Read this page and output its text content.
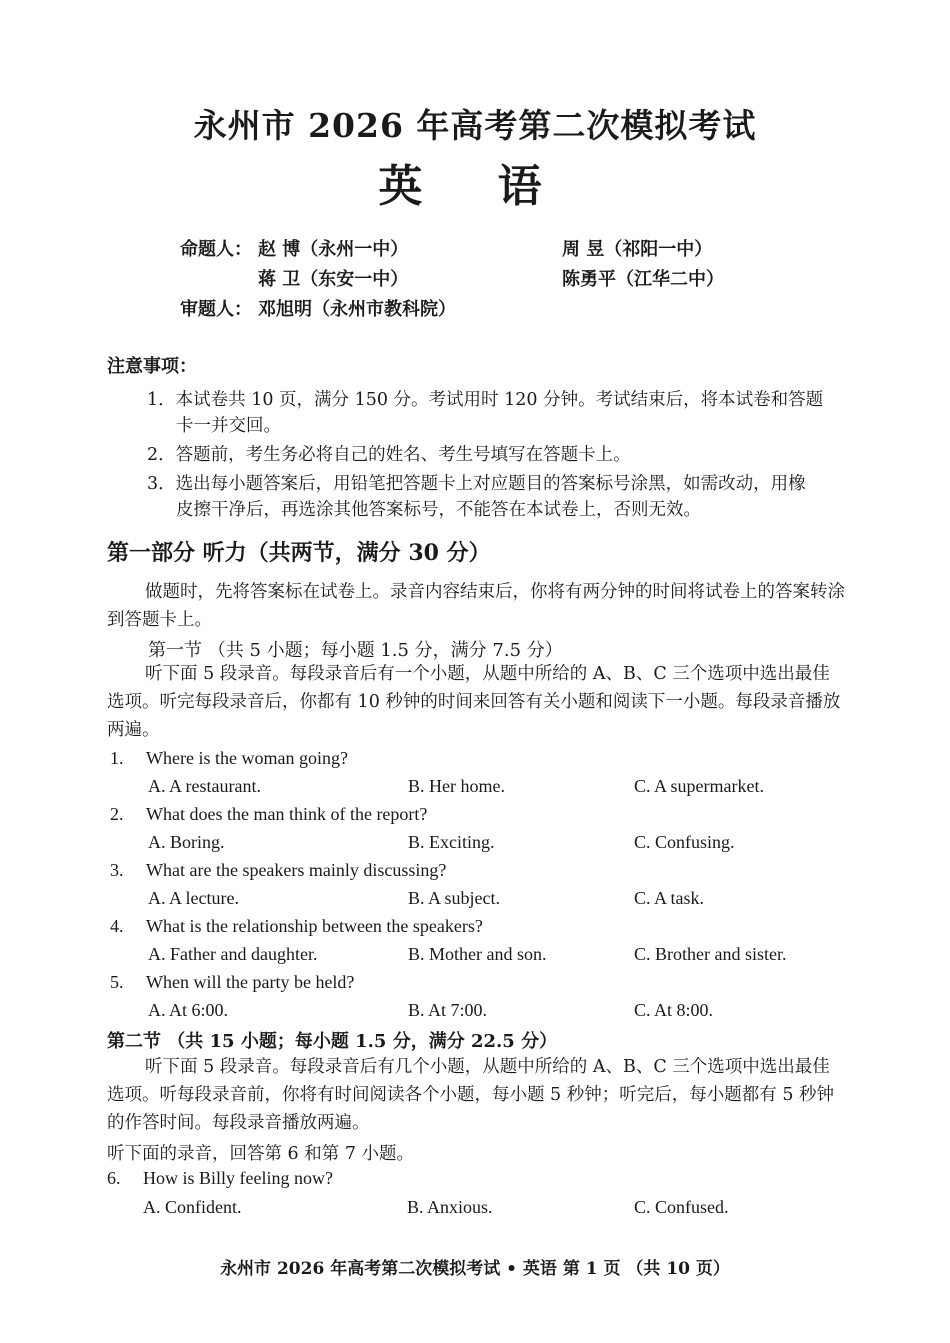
永州市 2026 年高考第二次模拟考试
英 语
命题人： 赵 博（永州一中）	周 昱（祁阳一中）
蒋 卫（东安一中）	陈勇平（江华二中）
审题人： 邓旭明（永州市教科院）
注意事项：
1．本试卷共 10 页，满分 150 分。考试用时 120 分钟。考试结束后，将本试卷和答题
卡一并交回。
2．答题前，考生务必将自己的姓名、考生号填写在答题卡上。
3．选出每小题答案后，用铅笔把答题卡上对应题目的答案标号涂黑，如需改动，用橡
皮擦干净后，再选涂其他答案标号，不能答在本试卷上，否则无效。
第一部分 听力（共两节，满分 30 分）
做题时，先将答案标在试卷上。录音内容结束后，你将有两分钟的时间将试卷上的答案转涂到答题卡上。
第一节 （共 5 小题；每小题 1.5 分，满分 7.5 分）
听下面 5 段录音。每段录音后有一个小题，从题中所给的 A、B、C 三个选项中选出最佳选项。听完每段录音后，你都有 10 秒钟的时间来回答有关小题和阅读下一小题。每段录音播放两遍。
1. Where is the woman going?
A. A restaurant.	B. Her home.	C. A supermarket.
2. What does the man think of the report?
A. Boring.	B. Exciting.	C. Confusing.
3. What are the speakers mainly discussing?
A. A lecture.	B. A subject.	C. A task.
4. What is the relationship between the speakers?
A. Father and daughter.	B. Mother and son.	C. Brother and sister.
5. When will the party be held?
A. At 6:00.	B. At 7:00.	C. At 8:00.
第二节 （共 15 小题；每小题 1.5 分，满分 22.5 分）
听下面 5 段录音。每段录音后有几个小题，从题中所给的 A、B、C 三个选项中选出最佳选项。听每段录音前，你将有时间阅读各个小题，每小题 5 秒钟；听完后，每小题都有 5 秒钟的作答时间。每段录音播放两遍。
听下面的录音，回答第 6 和第 7 小题。
6. How is Billy feeling now?
A. Confident.	B. Anxious.	C. Confused.
永州市 2026 年高考第二次模拟考试 • 英语 第 1 页 （共 10 页）
